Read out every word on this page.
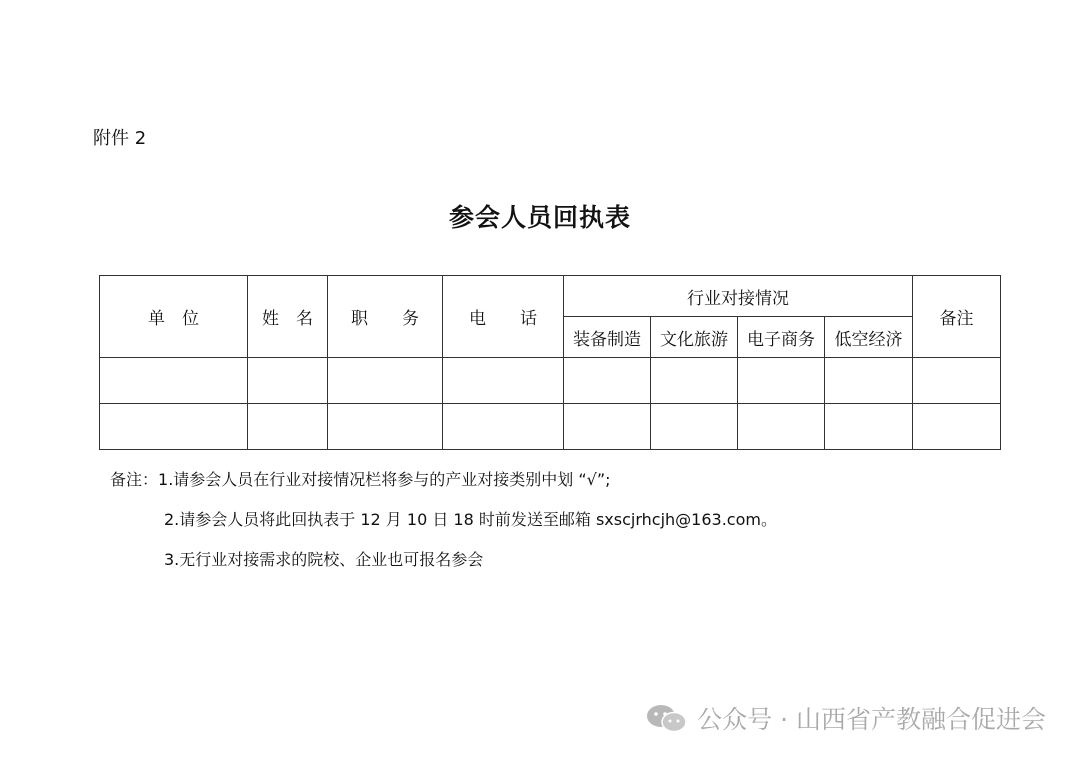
附件 2
参会人员回执表
单　位	姓　名	职　　务	电　　话	行业对接情况				备注
				装备制造	文化旅游	电子商务	低空经济	

备注：1.请参会人员在行业对接情况栏将参与的产业对接类别中划 “√”;
2.请参会人员将此回执表于 12 月 10 日 18 时前发送至邮箱 sxscjrhcjh@163.com。
3.无行业对接需求的院校、企业也可报名参会
公众号 · 山西省产教融合促进会
